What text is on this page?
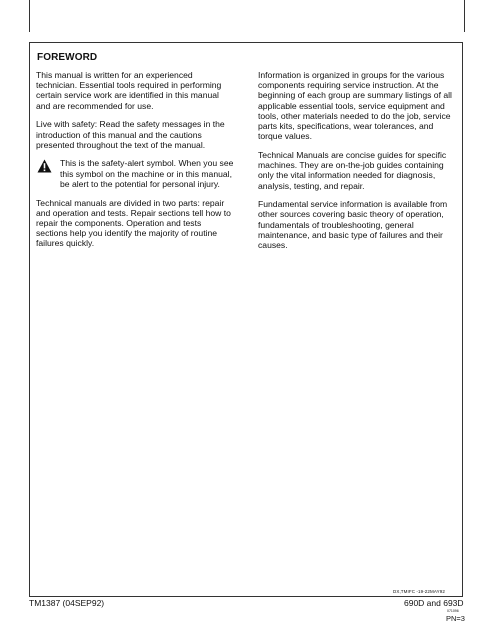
FOREWORD

This manual is written for an experienced technician. Essential tools required in performing certain service work are identified in this manual and are recommended for use.

Live with safety: Read the safety messages in the introduction of this manual and the cautions presented throughout the text of the manual.

This is the safety-alert symbol. When you see this symbol on the machine or in this manual, be alert to the potential for personal injury.

Technical manuals are divided in two parts: repair and operation and tests. Repair sections tell how to repair the components. Operation and tests sections help you identify the majority of routine failures quickly.

Information is organized in groups for the various components requiring service instruction. At the beginning of each group are summary listings of all applicable essential tools, service equipment and tools, other materials needed to do the job, service parts kits, specifications, wear tolerances, and torque values.

Technical Manuals are concise guides for specific machines. They are on-the-job guides containing only the vital information needed for diagnosis, analysis, testing, and repair.

Fundamental service information is available from other sources covering basic theory of operation, fundamentals of troubleshooting, general maintenance, and basic type of failures and their causes.

DX,TMIFC -19-22MAY92
TM1387 (04SEP92)	690D and 693D
071096
PN=3
